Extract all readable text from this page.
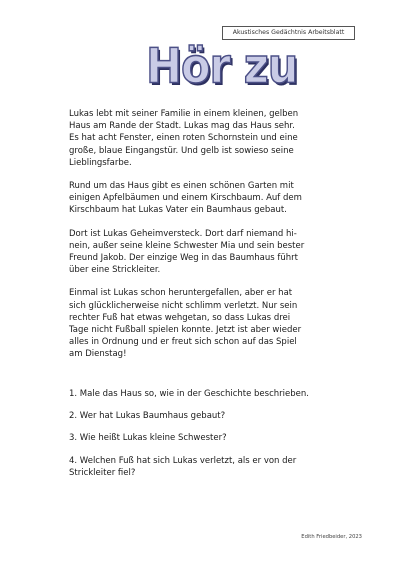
Akustisches Gedächtnis Arbeitsblatt
Hör zu

Lukas lebt mit seiner Familie in einem kleinen, gelben
Haus am Rande der Stadt. Lukas mag das Haus sehr.
Es hat acht Fenster, einen roten Schornstein und eine
große, blaue Eingangstür. Und gelb ist sowieso seine
Lieblingsfarbe.

Rund um das Haus gibt es einen schönen Garten mit
einigen Apfelbäumen und einem Kirschbaum. Auf dem
Kirschbaum hat Lukas Vater ein Baumhaus gebaut.

Dort ist Lukas Geheimversteck. Dort darf niemand hi-
nein, außer seine kleine Schwester Mia und sein bester
Freund Jakob. Der einzige Weg in das Baumhaus führt
über eine Strickleiter.

Einmal ist Lukas schon heruntergefallen, aber er hat
sich glücklicherweise nicht schlimm verletzt. Nur sein
rechter Fuß hat etwas wehgetan, so dass Lukas drei
Tage nicht Fußball spielen konnte. Jetzt ist aber wieder
alles in Ordnung und er freut sich schon auf das Spiel
am Dienstag!

1. Male das Haus so, wie in der Geschichte beschrieben.

2. Wer hat Lukas Baumhaus gebaut?

3. Wie heißt Lukas kleine Schwester?

4. Welchen Fuß hat sich Lukas verletzt, als er von der
Strickleiter fiel?

Edith Friedbeider, 2023
